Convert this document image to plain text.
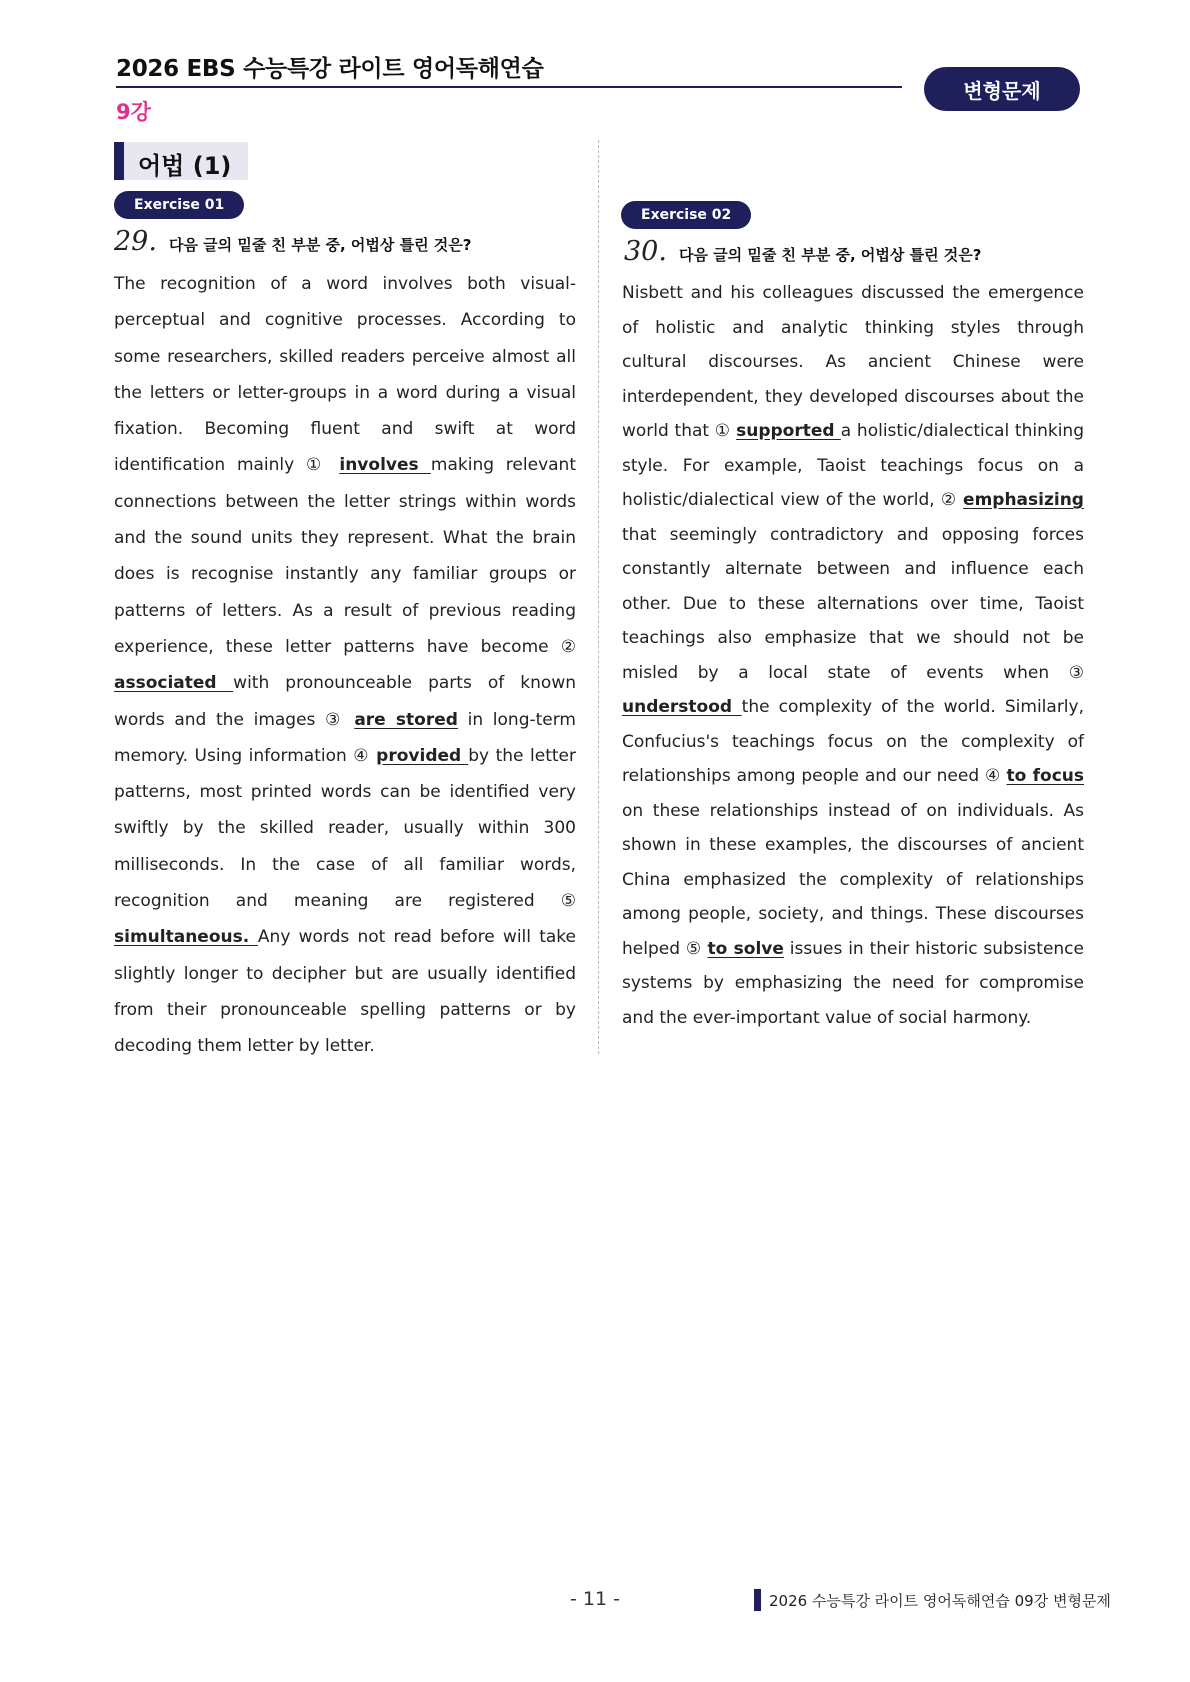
2026 EBS 수능특강 라이트 영어독해연습
9강
변형문제
어법 (1)
Exercise 01
29. 다음 글의 밑줄 친 부분 중, 어법상 틀린 것은?
The recognition of a word involves both visual-perceptual and cognitive processes. According to some researchers, skilled readers perceive almost all the letters or letter-groups in a word during a visual fixation. Becoming fluent and swift at word identification mainly ① involves making relevant connections between the letter strings within words and the sound units they represent. What the brain does is recognise instantly any familiar groups or patterns of letters. As a result of previous reading experience, these letter patterns have become ② associated with pronounceable parts of known words and the images ③ are stored in long-term memory. Using information ④ provided by the letter patterns, most printed words can be identified very swiftly by the skilled reader, usually within 300 milliseconds. In the case of all familiar words, recognition and meaning are registered ⑤ simultaneous. Any words not read before will take slightly longer to decipher but are usually identified from their pronounceable spelling patterns or by decoding them letter by letter.
Exercise 02
30. 다음 글의 밑줄 친 부분 중, 어법상 틀린 것은?
Nisbett and his colleagues discussed the emergence of holistic and analytic thinking styles through cultural discourses. As ancient Chinese were interdependent, they developed discourses about the world that ① supported a holistic/dialectical thinking style. For example, Taoist teachings focus on a holistic/dialectical view of the world, ② emphasizing that seemingly contradictory and opposing forces constantly alternate between and influence each other. Due to these alternations over time, Taoist teachings also emphasize that we should not be misled by a local state of events when ③ understood the complexity of the world. Similarly, Confucius's teachings focus on the complexity of relationships among people and our need ④ to focus on these relationships instead of on individuals. As shown in these examples, the discourses of ancient China emphasized the complexity of relationships among people, society, and things. These discourses helped ⑤ to solve issues in their historic subsistence systems by emphasizing the need for compromise and the ever-important value of social harmony.
- 11 -	2026 수능특강 라이트 영어독해연습 09강 변형문제
